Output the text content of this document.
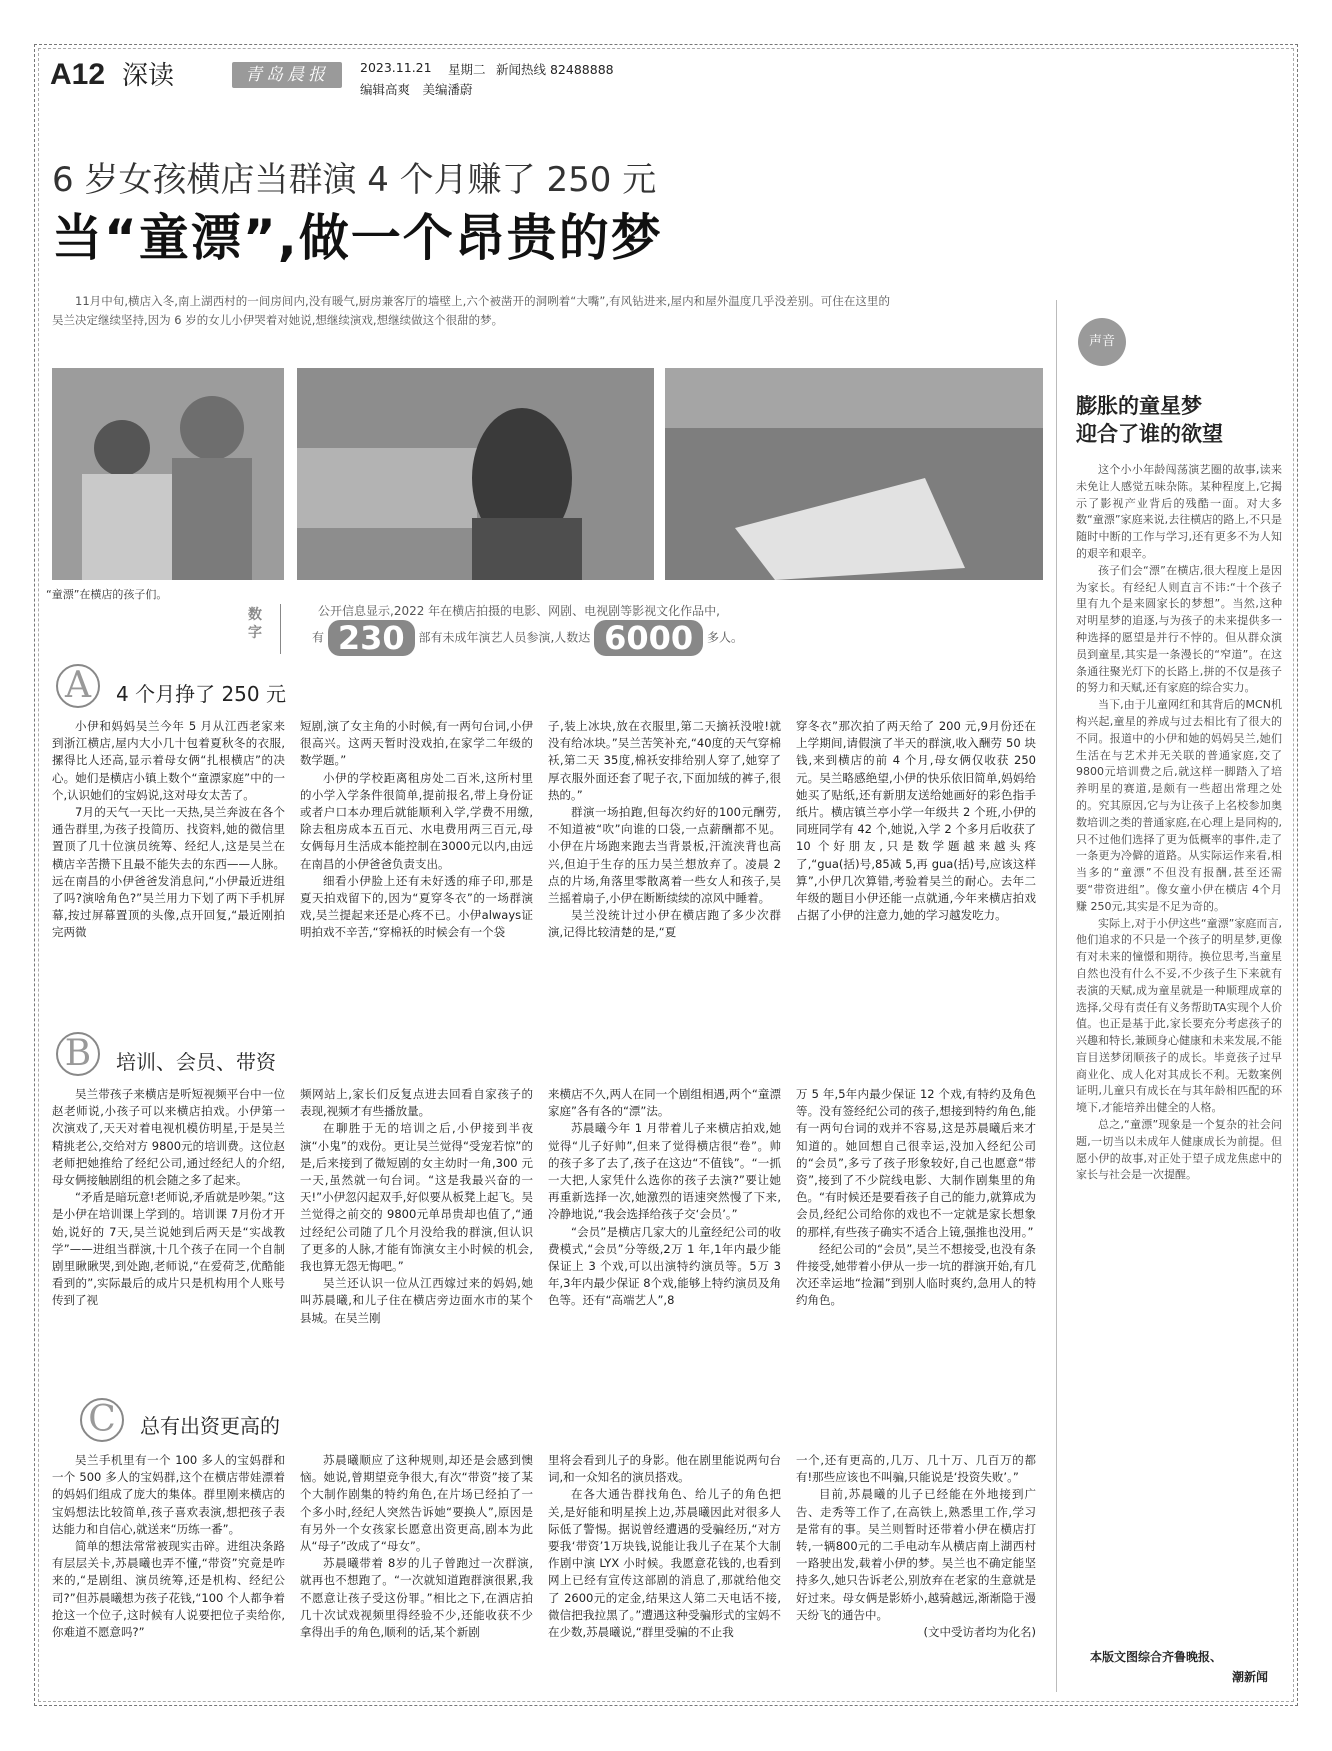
A12 深读	青岛晨报	2023.11.21 星期二 新闻热线 82488888
编辑高爽　美编潘蔚
6 岁女孩横店当群演 4 个月赚了 250 元
当“童漂”,做一个昂贵的梦

11月中旬,横店入冬,南上湖西村的一间房间内,没有暖气,厨房兼客厅的墙壁上,六个被凿开的洞咧着“大嘴”,有风钻进来,屋内和屋外温度几乎没差别。可住在这里的吴兰决定继续坚持,因为 6 岁的女儿小伊哭着对她说,想继续演戏,想继续做这个很甜的梦。

“童漂”在横店的孩子们。
数字
公开信息显示,2022 年在横店拍摄的电影、网剧、电视剧等影视文化作品中,
有 230 部有未成年演艺人员参演,人数达 6000 多人。
A	4 个月挣了 250 元

小伊和妈妈吴兰今年 5 月从江西老家来到浙江横店,屋内大小几十包着夏秋冬的衣服,摞得比人还高,显示着母女俩“扎根横店”的决心。她们是横店小镇上数个“童漂家庭”中的一个,认识她们的宝妈说,这对母女太苦了。

7月的天气一天比一天热,吴兰奔波在各个通告群里,为孩子投简历、找资料,她的微信里置顶了几十位演员统筹、经纪人,这是吴兰在横店辛苦攒下且最不能失去的东西——人脉。远在南昌的小伊爸爸发消息问,“小伊最近进组了吗?演啥角色?”吴兰用力下划了两下手机屏幕,按过屏幕置顶的头像,点开回复,“最近刚拍完两微

短剧,演了女主角的小时候,有一两句台词,小伊很高兴。这两天暂时没戏拍,在家学二年级的数学题。”

小伊的学校距离租房处二百米,这所村里的小学入学条件很简单,提前报名,带上身份证或者户口本办理后就能顺利入学,学费不用缴,除去租房成本五百元、水电费用两三百元,母女俩每月生活成本能控制在3000元以内,由远在南昌的小伊爸爸负责支出。

细看小伊脸上还有未好透的痱子印,那是夏天拍戏留下的,因为“夏穿冬衣”的一场群演戏,吴兰提起来还是心疼不已。小伊always证明拍戏不辛苦,“穿棉袄的时候会有一个袋

子,装上冰块,放在衣服里,第二天摘袄没啦!就没有给冰块。”吴兰苦笑补充,“40度的天气穿棉袄,第二天 35度,棉袄安排给别人穿了,她穿了厚衣服外面还套了呢子衣,下面加绒的裤子,很热的。”

群演一场拍跑,但每次约好的100元酬劳,不知道被“吹”向谁的口袋,一点薪酬都不见。小伊在片场跑来跑去当背景板,汗流浃背也高兴,但迫于生存的压力吴兰想放弃了。凌晨 2点的片场,角落里零散离着一些女人和孩子,吴兰摇着扇子,小伊在断断续续的凉风中睡着。

吴兰没统计过小伊在横店跑了多少次群演,记得比较清楚的是,“夏

穿冬衣”那次拍了两天给了 200 元,9月份还在上学期间,请假演了半天的群演,收入酬劳 50 块钱,来到横店的前 4 个月,母女俩仅收获 250元。吴兰略感绝望,小伊的快乐依旧简单,妈妈给她买了贴纸,还有新朋友送给她画好的彩色指手纸片。横店镇兰亭小学一年级共 2 个班,小伊的同班同学有 42 个,她说,入学 2 个多月后收获了 10 个好朋友,只是数学题越来越头疼了,“gua(括)号,85减 5,再 gua(括)号,应该这样算”,小伊几次算错,考验着吴兰的耐心。去年二年级的题目小伊还能一点就通,今年来横店拍戏占据了小伊的注意力,她的学习越发吃力。

B	培训、会员、带资

吴兰带孩子来横店是听短视频平台中一位赵老师说,小孩子可以来横店拍戏。小伊第一次演戏了,天天对着电视机模仿明星,于是吴兰精挑老公,交给对方 9800元的培训费。这位赵老师把她推给了经纪公司,通过经纪人的介绍,母女俩接触剧组的机会随之多了起来。

“矛盾是暗玩意!老师说,矛盾就是吵架。”这是小伊在培训课上学到的。培训课 7月份才开始,说好的 7天,吴兰说她到后两天是“实战教学”——进组当群演,十几个孩子在同一个自制剧里瞅瞅哭,到处跑,老师说,“在爱荷芝,优酷能看到的”,实际最后的成片只是机构用个人账号传到了视

频网站上,家长们反复点进去回看自家孩子的表现,视频才有些播放量。

在聊胜于无的培训之后,小伊接到半夜演“小鬼”的戏份。更让吴兰觉得“受宠若惊”的是,后来接到了微短剧的女主幼时一角,300 元一天,虽然就一句台词。“这是我最兴奋的一天!”小伊忽闪起双手,好似要从板凳上起飞。吴兰觉得之前交的 9800元单昂贵却也值了,“通过经纪公司随了几个月没给我的群演,但认识了更多的人脉,才能有饰演女主小时候的机会,我也算无怨无悔吧。”

吴兰还认识一位从江西嫁过来的妈妈,她叫苏晨曦,和儿子住在横店旁边面水市的某个县城。在吴兰刚

来横店不久,两人在同一个剧组相遇,两个“童漂家庭”各有各的“漂”法。

苏晨曦今年 1 月带着儿子来横店拍戏,她觉得“儿子好帅”,但来了觉得横店很“卷”。帅的孩子多了去了,孩子在这边“不值钱”。“一抓一大把,人家凭什么选你的孩子去演?”要让她再重新选择一次,她激烈的语速突然慢了下来,冷静地说,“我会选择给孩子交‘会员’。”

“会员”是横店几家大的儿童经纪公司的收费模式,“会员”分等级,2万 1 年,1年内最少能保证上 3 个戏,可以出演特约演员等。5万 3年,3年内最少保证 8个戏,能够上特约演员及角色等。还有“高端艺人”,8

万 5 年,5年内最少保证 12 个戏,有特约及角色等。没有签经纪公司的孩子,想接到特约角色,能有一两句台词的戏并不容易,这是苏晨曦后来才知道的。她回想自己很幸运,没加入经纪公司的“会员”,多亏了孩子形象较好,自己也愿意“带资”,接到了不少院线电影、大制作剧集里的角色。“有时候还是要看孩子自己的能力,就算成为会员,经纪公司给你的戏也不一定就是家长想象的那样,有些孩子确实不适合上镜,强推也没用。”

经纪公司的“会员”,吴兰不想接受,也没有条件接受,她带着小伊从一步一坑的群演开始,有几次还幸运地“捡漏”到别人临时爽约,急用人的特约角色。

C	总有出资更高的

吴兰手机里有一个 100 多人的宝妈群和一个 500 多人的宝妈群,这个在横店带娃漂着的妈妈们组成了庞大的集体。群里刚来横店的宝妈想法比较简单,孩子喜欢表演,想把孩子表达能力和自信心,就送来“历练一番”。

简单的想法常常被现实击碎。进组决条路有层层关卡,苏晨曦也弄不懂,“带资”究竟是咋来的,“是剧组、演员统筹,还是机构、经纪公司?”但苏晨曦想为孩子花钱,“100 个人都争着抢这一个位子,这时候有人说要把位子卖给你,你难道不愿意吗?”

苏晨曦顺应了这种规则,却还是会感到懊恼。她说,曾期望竞争很大,有次“带资”接了某个大制作剧集的特约角色,在片场已经拍了一个多小时,经纪人突然告诉她“要换人”,原因是有另外一个女孩家长愿意出资更高,剧本为此从“母子”改成了“母女”。

苏晨曦带着 8岁的儿子曾跑过一次群演,就再也不想跑了。“一次就知道跑群演很累,我不愿意让孩子受这份罪。”相比之下,在酒店拍几十次试戏视频里得经验不少,还能收获不少拿得出手的角色,顺利的话,某个新剧

里将会看到儿子的身影。他在剧里能说两句台词,和一众知名的演员搭戏。

在各大通告群找角色、给儿子的角色把关,是好能和明星挨上边,苏晨曦因此对很多人际低了警惕。据说曾经遭遇的受骗经历,“对方要我‘带资’1万块钱,说能让我儿子在某个大制作剧中演 LYX 小时候。我愿意花钱的,也看到网上已经有宣传这部剧的消息了,那就给他交了 2600元的定金,结果这人第二天电话不接,微信把我拉黑了。”遭遇这种受骗形式的宝妈不在少数,苏晨曦说,“群里受骗的不止我

一个,还有更高的,几万、几十万、几百万的都有!那些应该也不叫骗,只能说是‘投资失败’。”

目前,苏晨曦的儿子已经能在外地接到广告、走秀等工作了,在高铁上,熟悉里工作,学习是常有的事。吴兰则暂时还带着小伊在横店打转,一辆800元的二手电动车从横店南上湖西村一路驶出发,载着小伊的梦。吴兰也不确定能坚持多久,她只告诉老公,别放弃在老家的生意就是好过来。母女俩是影娇小,越骑越远,渐渐隐于漫天纷飞的通告中。

(文中受访者均为化名)

声音
膨胀的童星梦
迎合了谁的欲望

这个小小年龄闯荡演艺圈的故事,读来未免让人感觉五味杂陈。某种程度上,它揭示了影视产业背后的残酷一面。对大多数“童漂”家庭来说,去往横店的路上,不只是随时中断的工作与学习,还有更多不为人知的艰辛和艰辛。

孩子们会“漂”在横店,很大程度上是因为家长。有经纪人则直言不讳:“十个孩子里有九个是来圆家长的梦想”。当然,这种对明星梦的追逐,与为孩子的未来提供多一种选择的愿望是并行不悖的。但从群众演员到童星,其实是一条漫长的“窄道”。在这条通往聚光灯下的长路上,拼的不仅是孩子的努力和天赋,还有家庭的综合实力。

当下,由于儿童网红和其背后的MCN机构兴起,童星的养成与过去相比有了很大的不同。报道中的小伊和她的妈妈吴兰,她们生活在与艺术并无关联的普通家庭,交了 9800元培训费之后,就这样一脚踏入了培养明星的赛道,是颇有一些超出常理之处的。究其原因,它与为让孩子上名校参加奥数培训之类的普通家庭,在心理上是同构的,只不过他们选择了更为低概率的事件,走了一条更为冷僻的道路。从实际运作来看,相当多的“童漂”不但没有报酬,甚至还需要“带资进组”。像女童小伊在横店 4个月赚 250元,其实是不足为奇的。

实际上,对于小伊这些“童漂”家庭而言,他们追求的不只是一个孩子的明星梦,更像有对未来的憧憬和期待。换位思考,当童星自然也没有什么不妥,不少孩子生下来就有表演的天赋,成为童星就是一种顺理成章的选择,父母有责任有义务帮助TA实现个人价值。也正是基于此,家长要充分考虑孩子的兴趣和特长,兼顾身心健康和未来发展,不能盲目送梦闭顺孩子的成长。毕竟孩子过早商业化、成人化对其成长不利。无数案例证明,儿童只有成长在与其年龄相匹配的环境下,才能培养出健全的人格。

总之,“童漂”现象是一个复杂的社会问题,一切当以未成年人健康成长为前提。但愿小伊的故事,对正处于望子成龙焦虑中的家长与社会是一次提醒。

本版文图综合齐鲁晚报、
潮新闻
